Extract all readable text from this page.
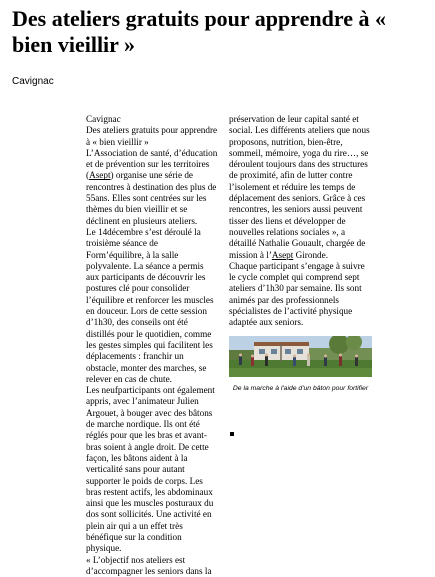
Des ateliers gratuits pour apprendre à « bien vieillir »
Cavignac

Cavignac

Des ateliers gratuits pour apprendre à « bien vieillir »

L’Association de santé, d’éducation et de prévention sur les territoires (Asept) organise une série de rencontres à destination des plus de 55ans. Elles sont centrées sur les thèmes du bien vieillir et se déclinent en plusieurs ateliers.

Le 14décembre s’est déroulé la troisième séance de Form’équilibre, à la salle polyvalente. La séance a permis aux participants de découvrir les postures clé pour consolider l’équilibre et renforcer les muscles en douceur. Lors de cette session d’1h30, des conseils ont été distillés pour le quotidien, comme les gestes simples qui facilitent les déplacements : franchir un obstacle, monter des marches, se relever en cas de chute.

Les neufparticipants ont également appris, avec l’animateur Julien Argouet, à bouger avec des bâtons de marche nordique. Ils ont été réglés pour que les bras et avant-bras soient à angle droit. De cette façon, les bâtons aident à la verticalité sans pour autant supporter le poids de corps. Les bras restent actifs, les abdominaux ainsi que les muscles posturaux du dos sont sollicités. Une activité en plein air qui a un effet très bénéfique sur la condition physique.

« L’objectif nos ateliers est d’accompagner les seniors dans la

préservation de leur capital santé et social. Les différents ateliers que nous proposons, nutrition, bien-être, sommeil, mémoire, yoga du rire…, se déroulent toujours dans des structures de proximité, afin de lutter contre l’isolement et réduire les temps de déplacement des seniors. Grâce à ces rencontres, les seniors aussi peuvent tisser des liens et développer de nouvelles relations sociales », a détaillé Nathalie Gouault, chargée de mission à l’Asept Gironde.

Chaque participant s’engage à suivre le cycle complet qui comprend sept ateliers d’1h30 par semaine. Ils sont animés par des professionnels spécialistes de l’activité physique adaptée aux seniors.

De la marche à l'aide d'un bâton pour fortifier
